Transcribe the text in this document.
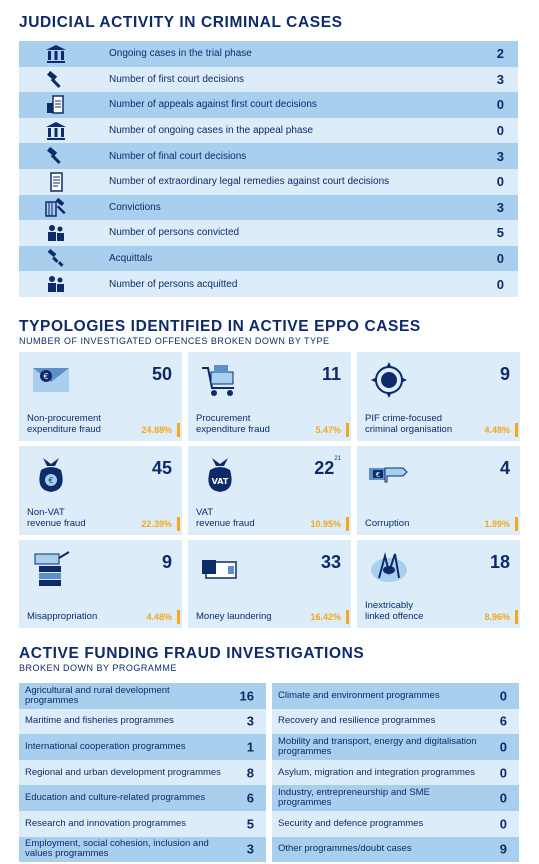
JUDICIAL ACTIVITY IN CRIMINAL CASES
Ongoing cases in the trial phase	2
Number of first court decisions	3
Number of appeals against first court decisions	0
Number of ongoing cases in the appeal phase	0
Number of final court decisions	3
Number of extraordinary legal remedies against court decisions	0
Convictions	3
Number of persons convicted	5
Acquittals	0
Number of persons acquitted	0
TYPOLOGIES IDENTIFIED IN ACTIVE EPPO CASES
NUMBER OF INVESTIGATED OFFENCES BROKEN DOWN BY TYPE
€	50
Non-procurement
expenditure fraud	24.88%
11
Procurement
expenditure fraud	5.47%
9
PIF crime-focused
criminal organisation	4.48%
€
45
Non-VAT
revenue fraud	22.39%
VAT
$22^{21}$
VAT
revenue fraud	10.95%
€	4
Corruption	1.99%
9
Misappropriation	4.48%
33
Money laundering	16.42%
18
Inextricably
linked offence	8.96%
ACTIVE FUNDING FRAUD INVESTIGATIONS
BROKEN DOWN BY PROGRAMME
Agricultural and rural development programmes	16
Maritime and fisheries programmes	3
International cooperation programmes	1
Regional and urban development programmes	8
Education and culture-related programmes	6
Research and innovation programmes	5
Employment, social cohesion, inclusion and values programmes	3
Climate and environment programmes	0
Recovery and resilience programmes	6
Mobility and transport, energy and digitalisation programmes	0
Asylum, migration and integration programmes 0
Industry, entrepreneurship and SME programmes	0
Security and defence programmes	0
Other programmes/doubt cases	9
